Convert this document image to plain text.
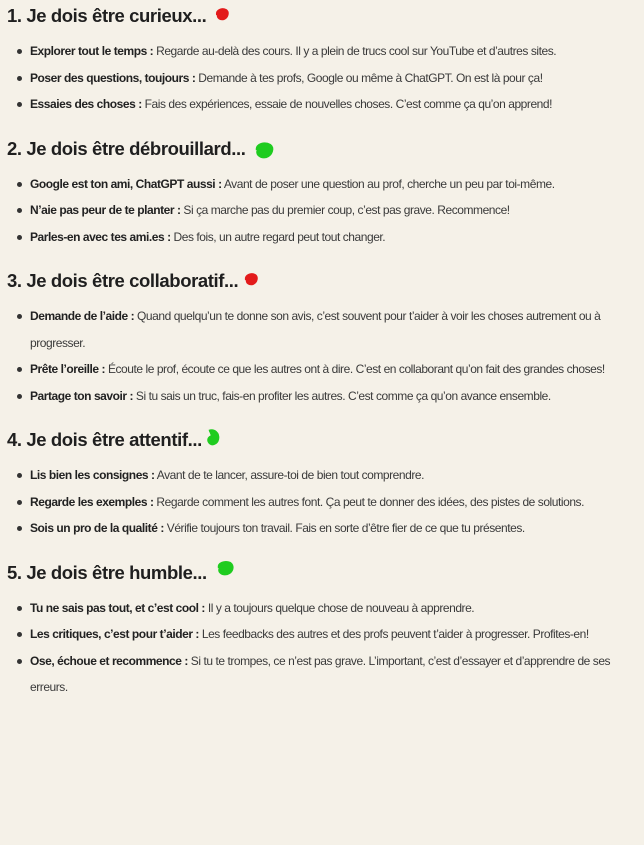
1. Je dois être curieux...
Explorer tout le temps : Regarde au-delà des cours. Il y a plein de trucs cool sur YouTube et d’autres sites.
Poser des questions, toujours : Demande à tes profs, Google ou même à ChatGPT. On est là pour ça!
Essaies des choses : Fais des expériences, essaie de nouvelles choses. C’est comme ça qu’on apprend!
2. Je dois être débrouillard...
Google est ton ami, ChatGPT aussi : Avant de poser une question au prof, cherche un peu par toi-même.
N’aie pas peur de te planter : Si ça marche pas du premier coup, c’est pas grave. Recommence!
Parles-en avec tes ami.es : Des fois, un autre regard peut tout changer.
3. Je dois être collaboratif...
Demande de l’aide : Quand quelqu’un te donne son avis, c’est souvent pour t’aider à voir les choses autrement ou à progresser.
Prête l’oreille : Écoute le prof, écoute ce que les autres ont à dire. C’est en collaborant qu’on fait des grandes choses!
Partage ton savoir : Si tu sais un truc, fais-en profiter les autres. C’est comme ça qu’on avance ensemble.
4. Je dois être attentif...
Lis bien les consignes : Avant de te lancer, assure-toi de bien tout comprendre.
Regarde les exemples : Regarde comment les autres font. Ça peut te donner des idées, des pistes de solutions.
Sois un pro de la qualité : Vérifie toujours ton travail. Fais en sorte d’être fier de ce que tu présentes.
5. Je dois être humble...
Tu ne sais pas tout, et c’est cool : Il y a toujours quelque chose de nouveau à apprendre.
Les critiques, c’est pour t’aider : Les feedbacks des autres et des profs peuvent t’aider à progresser. Profites-en!
Ose, échoue et recommence : Si tu te trompes, ce n’est pas grave. L’important, c’est d’essayer et d’apprendre de ses erreurs.
